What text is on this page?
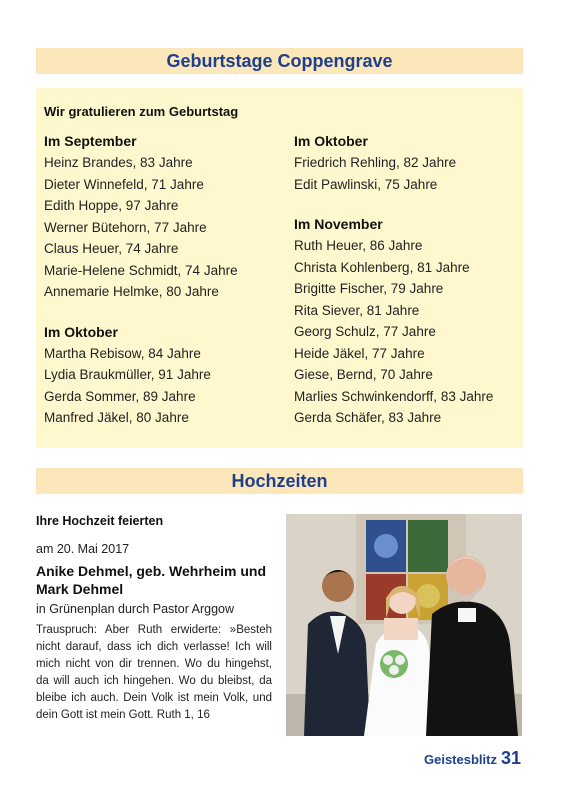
Geburtstage Coppengrave
Wir gratulieren zum Geburtstag
Im September
Heinz Brandes, 83 Jahre
Dieter Winnefeld, 71 Jahre
Edith Hoppe, 97 Jahre
Werner Bütehorn, 77 Jahre
Claus Heuer, 74 Jahre
Marie-Helene Schmidt, 74 Jahre
Annemarie Helmke, 80 Jahre
Im Oktober
Martha Rebisow, 84 Jahre
Lydia Braukmüller, 91 Jahre
Gerda Sommer, 89 Jahre
Manfred Jäkel, 80 Jahre
Im Oktober
Friedrich Rehling, 82 Jahre
Edit Pawlinski, 75 Jahre
Im November
Ruth Heuer, 86 Jahre
Christa Kohlenberg, 81 Jahre
Brigitte Fischer, 79 Jahre
Rita Siever, 81 Jahre
Georg Schulz, 77 Jahre
Heide Jäkel, 77 Jahre
Giese, Bernd, 70 Jahre
Marlies Schwinkendorff, 83 Jahre
Gerda Schäfer, 83 Jahre
Hochzeiten
Ihre Hochzeit feierten
am 20. Mai 2017
Anike Dehmel, geb. Wehrheim und Mark Dehmel
in Grünenplan durch Pastor Arggow
Trauspruch: Aber Ruth erwiderte: »Besteh nicht darauf, dass ich dich verlasse! Ich will mich nicht von dir trennen. Wo du hingehst, da will auch ich hingehen. Wo du bleibst, da bleibe ich auch. Dein Volk ist mein Volk, und dein Gott ist mein Gott. Ruth 1, 16
Geistesblitz 31
